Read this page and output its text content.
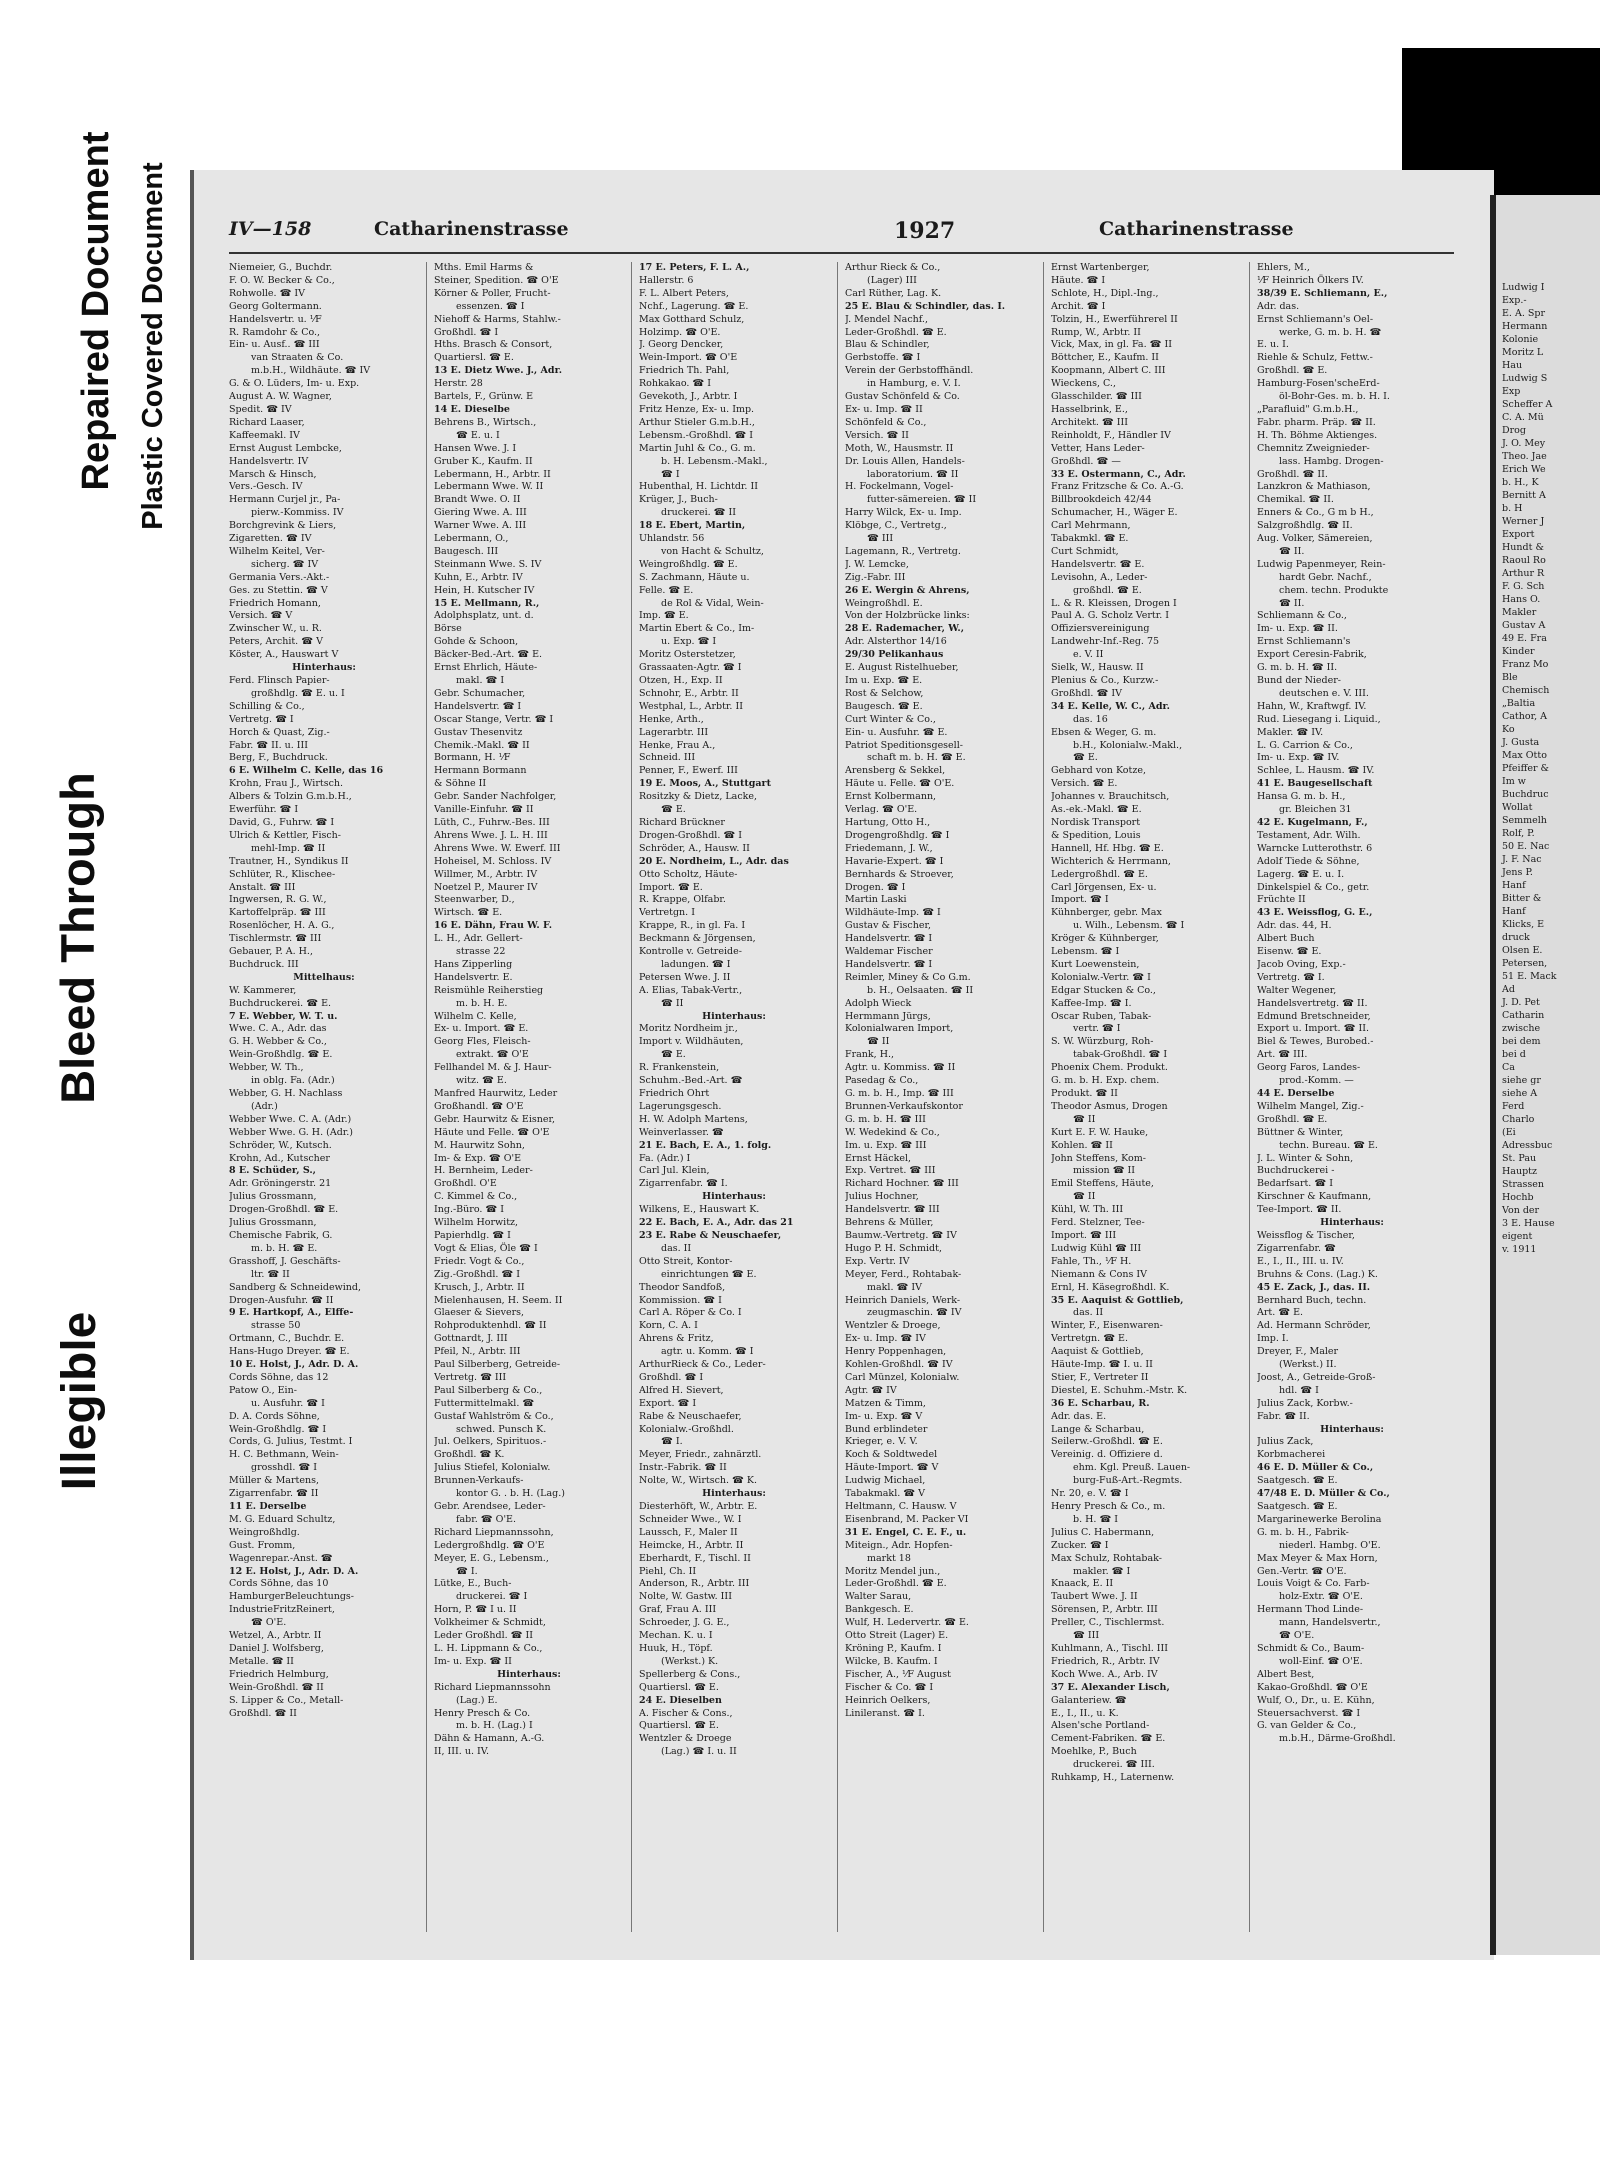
Repaired Document Plastic Covered Document
Bleed Through
Illegible
IV—158	Catharinenstrasse	1927	Catharinenstrasse
Niemeier, G., Buchdr.
F. O. W. Becker & Co.,
Rohwolle. ☎ IV
Georg Goltermann.
Handelsvertr. u. ⅟F
R. Ramdohr & Co.,
Ein- u. Ausf.. ☎ III
van Straaten & Co.
m.b.H., Wildhäute. ☎ IV
G. & O. Lüders, Im- u. Exp.
August A. W. Wagner,
Spedit. ☎ IV
Richard Laaser,
Kaffeemakl. IV
Ernst August Lembcke,
Handelsvertr. IV
Marsch & Hinsch,
Vers.-Gesch. IV
Hermann Curjel jr., Pa-
pierw.-Kommiss. IV
Borchgrevink & Liers,
Zigaretten. ☎ IV
Wilhelm Keitel, Ver-
sicherg. ☎ IV
Germania Vers.-Akt.-
Ges. zu Stettin. ☎ V
Friedrich Homann,
Versich. ☎ V
Zwinscher W., u. R.
Peters, Archit. ☎ V
Köster, A., Hauswart V
Hinterhaus:
Ferd. Flinsch Papier-
großhdlg. ☎ E. u. I
Schilling & Co.,
Vertretg. ☎ I
Horch & Quast, Zig.-
Fabr. ☎ II. u. III
Berg, F., Buchdruck.
6 E. Wilhelm C. Kelle, das 16
Krohn, Frau J., Wirtsch.
Albers & Tolzin G.m.b.H.,
Ewerführ. ☎ I
David, G., Fuhrw. ☎ I
Ulrich & Kettler, Fisch-
mehl-Imp. ☎ II
Trautner, H., Syndikus II
Schlüter, R., Klischee-
Anstalt. ☎ III
Ingwersen, R. G. W.,
Kartoffelpräp. ☎ III
Rosenlöcher, H. A. G.,
Tischlermstr. ☎ III
Gebauer, P. A. H.,
Buchdruck. III
Mittelhaus:
W. Kammerer,
Buchdruckerei. ☎ E.
7 E. Webber, W. T. u.
Wwe. C. A., Adr. das
G. H. Webber & Co.,
Wein-Großhdlg. ☎ E.
Webber, W. Th.,
in oblg. Fa. (Adr.)
Webber, G. H. Nachlass
(Adr.)
Webber Wwe. C. A. (Adr.)
Webber Wwe. G. H. (Adr.)
Schröder, W., Kutsch.
Krohn, Ad., Kutscher
8 E. Schüder, S.,
Adr. Gröningerstr. 21
Julius Grossmann,
Drogen-Großhdl. ☎ E.
Julius Grossmann,
Chemische Fabrik, G.
m. b. H. ☎ E.
Grasshoff, J. Geschäfts-
ltr. ☎ II
Sandberg & Schneidewind,
Drogen-Ausfuhr. ☎ II
9 E. Hartkopf, A., Elffe-
strasse 50
Ortmann, C., Buchdr. E.
Hans-Hugo Dreyer. ☎ E.
10 E. Holst, J., Adr. D. A.
Cords Söhne, das 12
Patow O., Ein-
u. Ausfuhr. ☎ I
D. A. Cords Söhne,
Wein-Großhdlg. ☎ I
Cords, G. Julius, Testmt. I
H. C. Bethmann, Wein-
grosshdl. ☎ I
Müller & Martens,
Zigarrenfabr. ☎ II
11 E. Derselbe
M. G. Eduard Schultz,
Weingroßhdlg.
Gust. Fromm,
Wagenrepar.-Anst. ☎
12 E. Holst, J., Adr. D. A.
Cords Söhne, das 10
HamburgerBeleuchtungs-
IndustrieFritzReinert,
☎ O'E.
Wetzel, A., Arbtr. II
Daniel J. Wolfsberg,
Metalle. ☎ II
Friedrich Helmburg,
Wein-Großhdl. ☎ II
S. Lipper & Co., Metall-
Großhdl. ☎ II
Mths. Emil Harms &
Steiner, Spedition. ☎ O'E
Körner & Poller, Frucht-
essenzen. ☎ I
Niehoff & Harms, Stahlw.-
Großhdl. ☎ I
Hths. Brasch & Consort,
Quartiersl. ☎ E.
13 E. Dietz Wwe. J., Adr.
Herstr. 28
Bartels, F., Grünw. E
14 E. Dieselbe
Behrens B., Wirtsch.,
☎ E. u. I
Hansen Wwe. J. I
Gruber K., Kaufm. II
Lebermann, H., Arbtr. II
Lebermann Wwe. W. II
Brandt Wwe. O. II
Giering Wwe. A. III
Warner Wwe. A. III
Lebermann, O.,
Baugesch. III
Steinmann Wwe. S. IV
Kuhn, E., Arbtr. IV
Hein, H. Kutscher IV
15 E. Mellmann, R.,
Adolphsplatz, unt. d.
Börse
Gohde & Schoon,
Bäcker-Bed.-Art. ☎ E.
Ernst Ehrlich, Häute-
makl. ☎ I
Gebr. Schumacher,
Handelsvertr. ☎ I
Oscar Stange, Vertr. ☎ I
Gustav Thesenvitz
Chemik.-Makl. ☎ II
Bormann, H. ⅟F
Hermann Bormann
& Söhne II
Gebr. Sander Nachfolger,
Vanille-Einfuhr. ☎ II
Lüth, C., Fuhrw.-Bes. III
Ahrens Wwe. J. L. H. III
Ahrens Wwe. W. Ewerf. III
Hoheisel, M. Schloss. IV
Willmer, M., Arbtr. IV
Noetzel P., Maurer IV
Steenwarber, D.,
Wirtsch. ☎ E.
16 E. Dähn, Frau W. F.
L. H., Adr. Gellert-
strasse 22
Hans Zipperling
Handelsvertr. E.
Reismühle Reiherstieg
m. b. H. E.
Wilhelm C. Kelle,
Ex- u. Import. ☎ E.
Georg Fles, Fleisch-
extrakt. ☎ O'E
Fellhandel M. & J. Haur-
witz. ☎ E.
Manfred Haurwitz, Leder
Großhandl. ☎ O'E
Gebr. Haurwitz & Eisner,
Häute und Felle. ☎ O'E
M. Haurwitz Sohn,
Im- & Exp. ☎ O'E
H. Bernheim, Leder-
Großhdl. O'E
C. Kimmel & Co.,
Ing.-Büro. ☎ I
Wilhelm Horwitz,
Papierhdlg. ☎ I
Vogt & Elias, Öle ☎ I
Friedr. Vogt & Co.,
Zig.-Großhdl. ☎ I
Krusch, J., Arbtr. II
Mielenhausen, H. Seem. II
Glaeser & Sievers,
Rohproduktenhdl. ☎ II
Gottnardt, J. III
Pfeil, N., Arbtr. III
Paul Silberberg, Getreide-
Vertretg. ☎ III
Paul Silberberg & Co.,
Futtermittelmakl. ☎
Gustaf Wahlström & Co.,
schwed. Punsch K.
Jul. Oelkers, Spirituos.-
Großhdl. ☎ K.
Julius Stiefel, Kolonialw.
Brunnen-Verkaufs-
kontor G. . b. H. (Lag.)
Gebr. Arendsee, Leder-
fabr. ☎ O'E.
Richard Liepmannssohn,
Ledergroßhdlg. ☎ O'E
Meyer, E. G., Lebensm.,
☎ I.
Lütke, E., Buch-
druckerei. ☎ I
Horn, P. ☎ I u. II
Volkheimer & Schmidt,
Leder Großhdl. ☎ II
L. H. Lippmann & Co.,
Im- u. Exp. ☎ II
Hinterhaus:
Richard Liepmannssohn
(Lag.) E.
Henry Presch & Co.
m. b. H. (Lag.) I
Dähn & Hamann, A.-G.
II, III. u. IV.
17 E. Peters, F. L. A.,
Hallerstr. 6
F. L. Albert Peters,
Nchf., Lagerung. ☎ E.
Max Gotthard Schulz,
Holzimp. ☎ O'E.
J. Georg Dencker,
Wein-Import. ☎ O'E
Friedrich Th. Pahl,
Rohkakao. ☎ I
Gevekoth, J., Arbtr. I
Fritz Henze, Ex- u. Imp.
Arthur Stieler G.m.b.H.,
Lebensm.-Großhdl. ☎ I
Martin Juhl & Co., G. m.
b. H. Lebensm.-Makl.,
☎ I
Hubenthal, H. Lichtdr. II
Krüger, J., Buch-
druckerei. ☎ II
18 E. Ebert, Martin,
Uhlandstr. 56
von Hacht & Schultz,
Weingroßhdlg. ☎ E.
S. Zachmann, Häute u.
Felle. ☎ E.
de Rol & Vidal, Wein-
Imp. ☎ E.
Martin Ebert & Co., Im-
u. Exp. ☎ I
Moritz Osterstetzer,
Grassaaten-Agtr. ☎ I
Otzen, H., Exp. II
Schnohr, E., Arbtr. II
Westphal, L., Arbtr. II
Henke, Arth.,
Lagerarbtr. III
Henke, Frau A.,
Schneid. III
Penner, F., Ewerf. III
19 E. Moos, A., Stuttgart
Rositzky & Dietz, Lacke,
☎ E.
Richard Brückner
Drogen-Großhdl. ☎ I
Schröder, A., Hausw. II
20 E. Nordheim, L., Adr. das
Otto Scholtz, Häute-
Import. ☎ E.
R. Krappe, Olfabr.
Vertretgn. I
Krappe, R., in gl. Fa. I
Beckmann & Jörgensen,
Kontrolle v. Getreide-
ladungen. ☎ I
Petersen Wwe. J. II
A. Elias, Tabak-Vertr.,
☎ II
Hinterhaus:
Moritz Nordheim jr.,
Import v. Wildhäuten,
☎ E.
R. Frankenstein,
Schuhm.-Bed.-Art. ☎
Friedrich Ohrt
Lagerungsgesch.
H. W. Adolph Martens,
Weinverlasser. ☎
21 E. Bach, E. A., 1. folg.
Fa. (Adr.) I
Carl Jul. Klein,
Zigarrenfabr. ☎ I.
Hinterhaus:
Wilkens, E., Hauswart K.
22 E. Bach, E. A., Adr. das 21
23 E. Rabe & Neuschaefer,
das. II
Otto Streit, Kontor-
einrichtungen ☎ E.
Theodor Sandfoß,
Kommission. ☎ I
Carl A. Röper & Co. I
Korn, C. A. I
Ahrens & Fritz,
agtr. u. Komm. ☎ I
ArthurRieck & Co., Leder-
Großhdl. ☎ I
Alfred H. Sievert,
Export. ☎ I
Rabe & Neuschaefer,
Kolonialw.-Großhdl.
☎ I.
Meyer, Friedr., zahnärztl.
Instr.-Fabrik. ☎ II
Nolte, W., Wirtsch. ☎ K.
Hinterhaus:
Diesterhöft, W., Arbtr. E.
Schneider Wwe., W. I
Laussch, F., Maler II
Heimcke, H., Arbtr. II
Eberhardt, F., Tischl. II
Piehl, Ch. II
Anderson, R., Arbtr. III
Nolte, W. Gastw. III
Graf, Frau A. III
Schroeder, J. G. E.,
Mechan. K. u. I
Huuk, H., Töpf.
(Werkst.) K.
Spellerberg & Cons.,
Quartiersl. ☎ E.
24 E. Dieselben
A. Fischer & Cons.,
Quartiersl. ☎ E.
Wentzler & Droege
(Lag.) ☎ I. u. II
Arthur Rieck & Co.,
(Lager) III
Carl Rüther, Lag. K.
25 E. Blau & Schindler, das. I.
J. Mendel Nachf.,
Leder-Großhdl. ☎ E.
Blau & Schindler,
Gerbstoffe. ☎ I
Verein der Gerbstoffhändl.
in Hamburg, e. V. I.
Gustav Schönfeld & Co.
Ex- u. Imp. ☎ II
Schönfeld & Co.,
Versich. ☎ II
Moth, W., Hausmstr. II
Dr. Louis Allen, Handels-
laboratorium. ☎ II
H. Fockelmann, Vogel-
futter-sämereien. ☎ II
Harry Wilck, Ex- u. Imp.
Klöbge, C., Vertretg.,
☎ III
Lagemann, R., Vertretg.
J. W. Lemcke,
Zig.-Fabr. III
26 E. Wergin & Ahrens,
Weingroßhdl. E.
Von der Holzbrücke links:
28 E. Rademacher, W.,
Adr. Alsterthor 14/16
29/30 Pelikanhaus
E. August Ristelhueber,
Im u. Exp. ☎ E.
Rost & Selchow,
Baugesch. ☎ E.
Curt Winter & Co.,
Ein- u. Ausfuhr. ☎ E.
Patriot Speditionsgesell-
schaft m. b. H. ☎ E.
Arensberg & Sekkel,
Häute u. Felle. ☎ O'E.
Ernst Kolbermann,
Verlag. ☎ O'E.
Hartung, Otto H.,
Drogengroßhdlg. ☎ I
Friedemann, J. W.,
Havarie-Expert. ☎ I
Bernhards & Stroever,
Drogen. ☎ I
Martin Laski
Wildhäute-Imp. ☎ I
Gustav & Fischer,
Handelsvertr. ☎ I
Waldemar Fischer
Handelsvertr. ☎ I
Reimler, Miney & Co G.m.
b. H., Oelsaaten. ☎ II
Adolph Wieck
Hermmann Jürgs,
Kolonialwaren Import,
☎ II
Frank, H.,
Agtr. u. Kommiss. ☎ II
Pasedag & Co.,
G. m. b. H., Imp. ☎ III
Brunnen-Verkaufskontor
G. m. b. H. ☎ III
W. Wedekind & Co.,
Im. u. Exp. ☎ III
Ernst Häckel,
Exp. Vertret. ☎ III
Richard Hochner. ☎ III
Julius Hochner,
Handelsvertr. ☎ III
Behrens & Müller,
Baumw.-Vertretg. ☎ IV
Hugo P. H. Schmidt,
Exp. Vertr. IV
Meyer, Ferd., Rohtabak-
makl. ☎ IV
Heinrich Daniels, Werk-
zeugmaschin. ☎ IV
Wentzler & Droege,
Ex- u. Imp. ☎ IV
Henry Poppenhagen,
Kohlen-Großhdl. ☎ IV
Carl Münzel, Kolonialw.
Agtr. ☎ IV
Matzen & Timm,
Im- u. Exp. ☎ V
Bund erblindeter
Krieger, e. V. V.
Koch & Soldtwedel
Häute-Import. ☎ V
Ludwig Michael,
Tabakmakl. ☎ V
Heltmann, C. Hausw. V
Eisenbrand, M. Packer VI
31 E. Engel, C. E. F., u.
Miteign., Adr. Hopfen-
markt 18
Moritz Mendel jun.,
Leder-Großhdl. ☎ E.
Walter Sarau,
Bankgesch. E.
Wulf, H. Ledervertr. ☎ E.
Otto Streit (Lager) E.
Kröning P., Kaufm. I
Wilcke, B. Kaufm. I
Fischer, A., ⅟F August
Fischer & Co. ☎ I
Heinrich Oelkers,
Linileranst. ☎ I.
Ernst Wartenberger,
Häute. ☎ I
Schlote, H., Dipl.-Ing.,
Archit. ☎ I
Tolzin, H., Ewerführerel II
Rump, W., Arbtr. II
Vick, Max, in gl. Fa. ☎ II
Böttcher, E., Kaufm. II
Koopmann, Albert C. III
Wieckens, C.,
Glasschilder. ☎ III
Hasselbrink, E.,
Architekt. ☎ III
Reinholdt, F., Händler IV
Vetter, Hans Leder-
Großhdl. ☎ —
33 E. Ostermann, C., Adr.
Franz Fritzsche & Co. A.-G.
Billbrookdeich 42/44
Schumacher, H., Wäger E.
Carl Mehrmann,
Tabakmkl. ☎ E.
Curt Schmidt,
Handelsvertr. ☎ E.
Levisohn, A., Leder-
großhdl. ☎ E.
L. & R. Kleissen, Drogen I
Paul A. G. Scholz Vertr. I
Offiziersvereinigung
Landwehr-Inf.-Reg. 75
e. V. II
Sielk, W., Hausw. II
Plenius & Co., Kurzw.-
Großhdl. ☎ IV
34 E. Kelle, W. C., Adr.
das. 16
Ebsen & Weger, G. m.
b.H., Kolonialw.-Makl.,
☎ E.
Gebhard von Kotze,
Versich. ☎ E.
Johannes v. Brauchitsch,
As.-ek.-Makl. ☎ E.
Nordisk Transport
& Spedition, Louis
Hannell, Hf. Hbg. ☎ E.
Wichterich & Herrmann,
Ledergroßhdl. ☎ E.
Carl Jörgensen, Ex- u.
Import. ☎ I
Kühnberger, gebr. Max
u. Wilh., Lebensm. ☎ I
Kröger & Kühnberger,
Lebensm. ☎ I
Kurt Loewenstein,
Kolonialw.-Vertr. ☎ I
Edgar Stucken & Co.,
Kaffee-Imp. ☎ I.
Oscar Ruben, Tabak-
vertr. ☎ I
S. W. Würzburg, Roh-
tabak-Großhdl. ☎ I
Phoenix Chem. Produkt.
G. m. b. H. Exp. chem.
Produkt. ☎ II
Theodor Asmus, Drogen
☎ II
Kurt E. F. W. Hauke,
Kohlen. ☎ II
John Steffens, Kom-
mission ☎ II
Emil Steffens, Häute,
☎ II
Kühl, W. Th. III
Ferd. Stelzner, Tee-
Import. ☎ III
Ludwig Kühl ☎ III
Fahle, Th., ⅟F H.
Niemann & Cons IV
Ernl, H. Käsegroßhdl. K.
35 E. Aaquist & Gottlieb,
das. II
Winter, F., Eisenwaren-
Vertretgn. ☎ E.
Aaquist & Gottlieb,
Häute-Imp. ☎ I. u. II
Stier, F., Vertreter II
Diestel, E. Schuhm.-Mstr. K.
36 E. Scharbau, R.
Adr. das. E.
Lange & Scharbau,
Seilerw.-Großhdl. ☎ E.
Vereinig. d. Offiziere d.
ehm. Kgl. Preuß. Lauen-
burg-Fuß-Art.-Regmts.
Nr. 20, e. V. ☎ I
Henry Presch & Co., m.
b. H. ☎ I
Julius C. Habermann,
Zucker. ☎ I
Max Schulz, Rohtabak-
makler. ☎ I
Knaack, E. II
Taubert Wwe. J. II
Sörensen, P., Arbtr. III
Preller, C., Tischlermst.
☎ III
Kuhlmann, A., Tischl. III
Friedrich, R., Arbtr. IV
Koch Wwe. A., Arb. IV
37 E. Alexander Lisch,
Galanteriew. ☎
E., I., II., u. K.
Alsen'sche Portland-
Cement-Fabriken. ☎ E.
Moehlke, P., Buch
druckerei. ☎ III.
Ruhkamp, H., Laternenw.
Ehlers, M.,
⅟F Heinrich Ölkers IV.
38/39 E. Schliemann, E.,
Adr. das.
Ernst Schliemann's Oel-
werke, G. m. b. H. ☎
E. u. I.
Riehle & Schulz, Fettw.-
Großhdl. ☎ E.
Hamburg-Fosen'scheErd-
öl-Bohr-Ges. m. b. H. I.
„Parafluid" G.m.b.H.,
Fabr. pharm. Präp. ☎ II.
H. Th. Böhme Aktienges.
Chemnitz Zweignieder-
lass. Hambg. Drogen-
Großhdl. ☎ II.
Lanzkron & Mathiason,
Chemikal. ☎ II.
Enners & Co., G m b H.,
Salzgroßhdlg. ☎ II.
Aug. Volker, Sämereien,
☎ II.
Ludwig Papenmeyer, Rein-
hardt Gebr. Nachf.,
chem. techn. Produkte
☎ II.
Schliemann & Co.,
Im- u. Exp. ☎ II.
Ernst Schliemann's
Export Ceresin-Fabrik,
G. m. b. H. ☎ II.
Bund der Nieder-
deutschen e. V. III.
Hahn, W., Kraftwgf. IV.
Rud. Liesegang i. Liquid.,
Makler. ☎ IV.
L. G. Carrion & Co.,
Im- u. Exp. ☎ IV.
Schlee, L. Hausm. ☎ IV.
41 E. Baugesellschaft
Hansa G. m. b. H.,
gr. Bleichen 31
42 E. Kugelmann, F.,
Testament, Adr. Wilh.
Warncke Lutterothstr. 6
Adolf Tiede & Söhne,
Lagerg. ☎ E. u. I.
Dinkelspiel & Co., getr.
Früchte II
43 E. Weissflog, G. E.,
Adr. das. 44, H.
Albert Buch
Eisenw. ☎ E.
Jacob Oving, Exp.-
Vertretg. ☎ I.
Walter Wegener,
Handelsvertretg. ☎ II.
Edmund Bretschneider,
Export u. Import. ☎ II.
Biel & Tewes, Burobed.-
Art. ☎ III.
Georg Faros, Landes-
prod.-Komm. —
44 E. Derselbe
Wilhelm Mangel, Zig.-
Großhdl. ☎ E.
Büttner & Winter,
techn. Bureau. ☎ E.
J. L. Winter & Sohn,
Buchdruckerei -
Bedarfsart. ☎ I
Kirschner & Kaufmann,
Tee-Import. ☎ II.
Hinterhaus:
Weissflog & Tischer,
Zigarrenfabr. ☎
E., I., II., III. u. IV.
Bruhns & Cons. (Lag.) K.
45 E. Zack, J., das. II.
Bernhard Buch, techn.
Art. ☎ E.
Ad. Hermann Schröder,
Imp. I.
Dreyer, F., Maler
(Werkst.) II.
Joost, A., Getreide-Groß-
hdl. ☎ I
Julius Zack, Korbw.-
Fabr. ☎ II.
Hinterhaus:
Julius Zack,
Korbmacherei
46 E. D. Müller & Co.,
Saatgesch. ☎ E.
47/48 E. D. Müller & Co.,
Saatgesch. ☎ E.
Margarinewerke Berolina
G. m. b. H., Fabrik-
niederl. Hambg. O'E.
Max Meyer & Max Horn,
Gen.-Vertr. ☎ O'E.
Louis Voigt & Co. Farb-
holz-Extr. ☎ O'E.
Hermann Thod Linde-
mann, Handelsvertr.,
☎ O'E.
Schmidt & Co., Baum-
woll-Einf. ☎ O'E.
Albert Best,
Kakao-Großhdl. ☎ O'E
Wulf, O., Dr., u. E. Kühn,
Steuersachverst. ☎ I
G. van Gelder & Co.,
m.b.H., Därme-Großhdl.
Ludwig I
Exp.-
E. A. Spr
Hermann
Kolonie
Moritz L
Hau
Ludwig S
Exp
Scheffer A
C. A. Mü
Drog
J. O. Mey
Theo. Jae
Erich We
b. H., K
Bernitt A
b. H
Werner J
Export
Hundt &
Raoul Ro
Arthur R
F. G. Sch
Hans O.
Makler
Gustav A
49 E. Fra
Kinder
Franz Mo
Ble
Chemisch
„Baltia
Cathor, A
Ko
J. Gusta
Max Otto
Pfeiffer &
Im w
Buchdruc
Wollat
Semmelh
Rolf, P.
50 E. Nac
J. F. Nac
Jens P.
Hanf
Bitter &
Hanf
Klicks, E
druck
Olsen E.
Petersen,
51 E. Mack
Ad
J. D. Pet
Catharin
zwische
bei dem
bei d
Ca
siehe gr
siehe A
Ferd
Charlo
(Ei
Adressbuc
St. Pau
Hauptz
Strassen
Hochb
Von der
3 E. Hause
eigent
v. 1911
